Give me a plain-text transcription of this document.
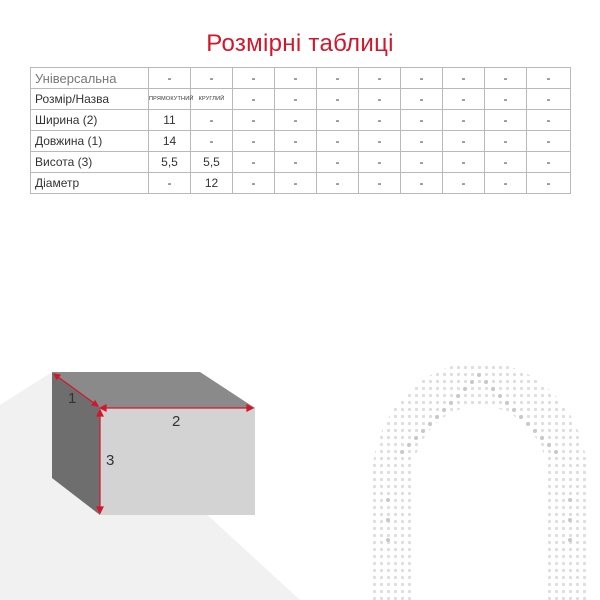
Розмірні таблиці
Універсальна	-	-	-	-	-	-	-	-	-	-
Розмір/Назва	ПРЯМОКУТНИЙ	КРУГЛИЙ	-	-	-	-	-	-	-	-
Ширина (2)	11	-	-	-	-	-	-	-	-	-
Довжина (1)	14	-	-	-	-	-	-	-	-	-
Висота (3)	5,5	5,5	-	-	-	-	-	-	-	-
Діаметр	-	12	-	-	-	-	-	-	-	-
1
2
3
